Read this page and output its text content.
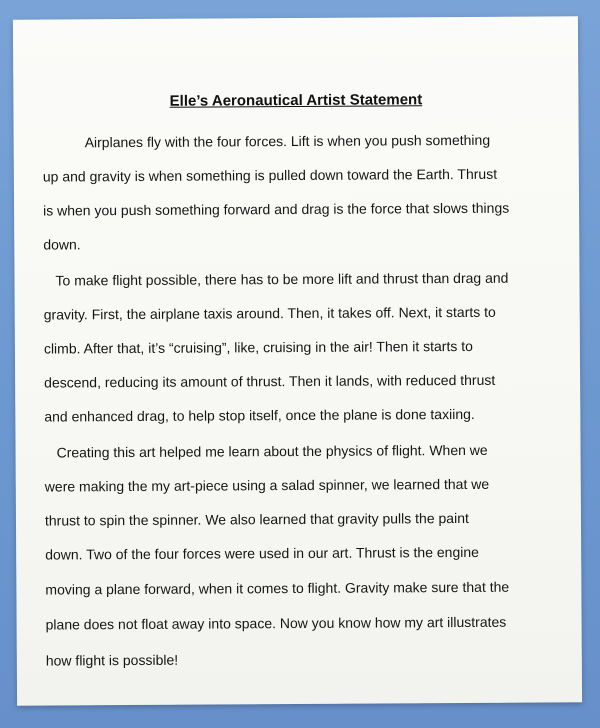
Elle’s Aeronautical Artist Statement

Airplanes fly with the four forces. Lift is when you push something

up and gravity is when something is pulled down toward the Earth. Thrust

is when you push something forward and drag is the force that slows things

down.

To make flight possible, there has to be more lift and thrust than drag and

gravity. First, the airplane taxis around. Then, it takes off. Next, it starts to

climb. After that, it’s “cruising”, like, cruising in the air! Then it starts to

descend, reducing its amount of thrust. Then it lands, with reduced thrust

and enhanced drag, to help stop itself, once the plane is done taxiing.

Creating this art helped me learn about the physics of flight. When we

were making the my art-piece using a salad spinner, we learned that we

thrust to spin the spinner. We also learned that gravity pulls the paint

down. Two of the four forces were used in our art. Thrust is the engine

moving a plane forward, when it comes to flight. Gravity make sure that the

plane does not float away into space. Now you know how my art illustrates

how flight is possible!
